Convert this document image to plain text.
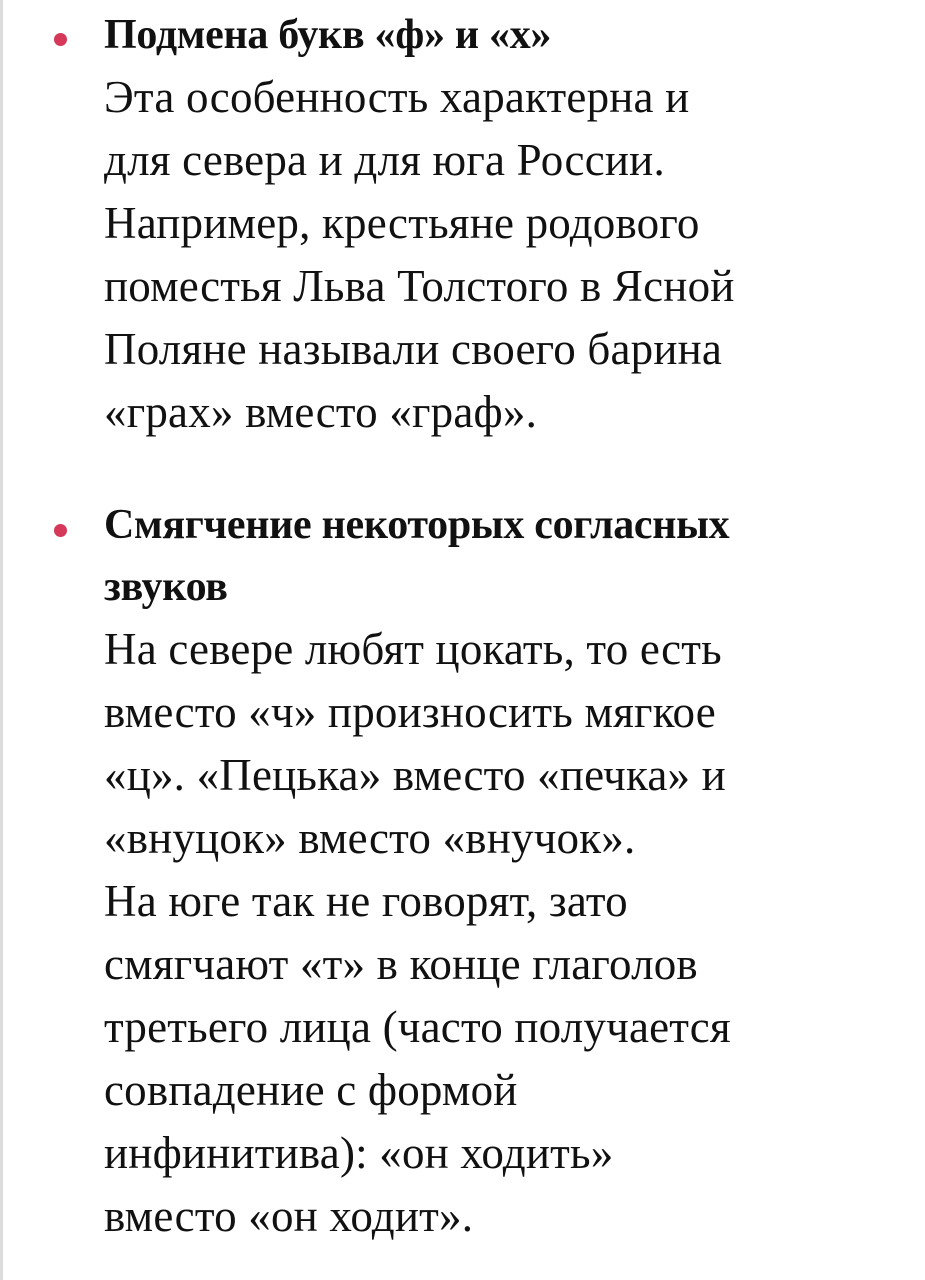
Подмена букв «ф» и «х»

Эта особенность характерна и
для севера и для юга России.
Например, крестьяне родового
поместья Льва Толстого в Ясной
Поляне называли своего барина
«грах» вместо «граф».

Смягчение некоторых согласных
звуков

На севере любят цокать, то есть
вместо «ч» произносить мягкое
«ц». «Пецька» вместо «печка» и
«внуцок» вместо «внучок».
На юге так не говорят, зато
смягчают «т» в конце глаголов
третьего лица (часто получается
совпадение с формой
инфинитива): «он ходить»
вместо «он ходит».
